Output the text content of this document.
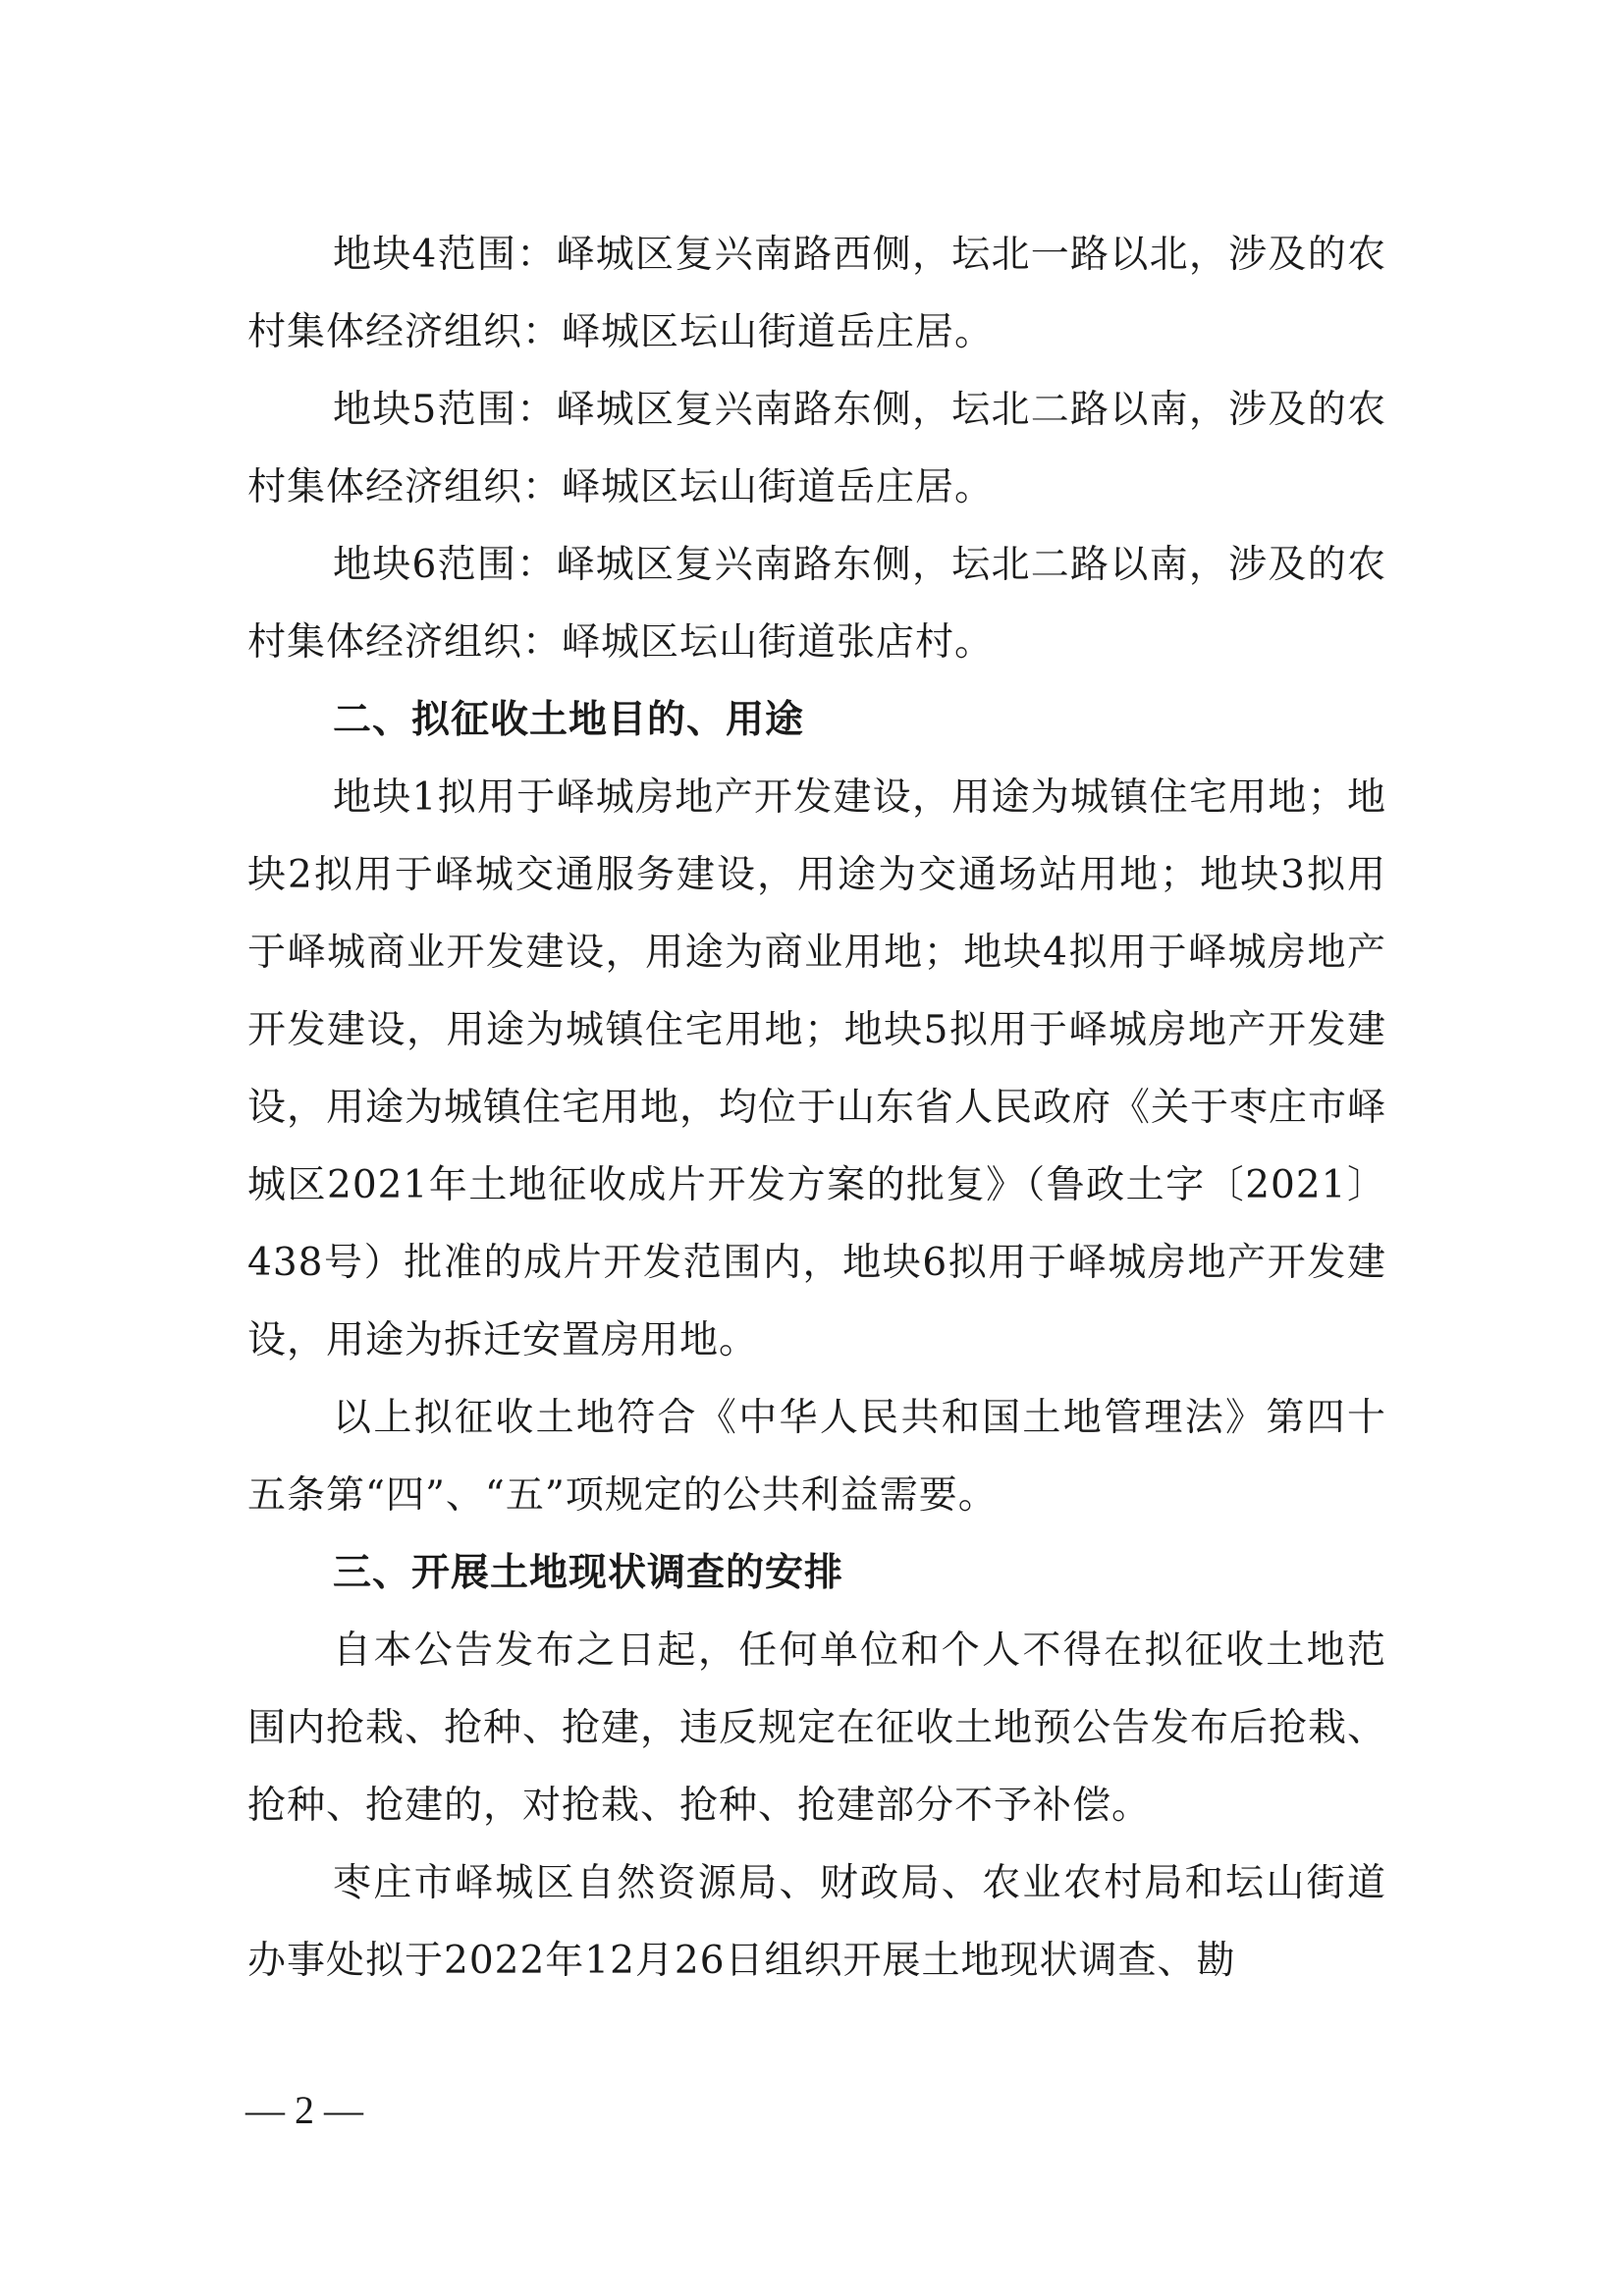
地块4范围：峄城区复兴南路西侧，坛北一路以北，涉及的农村集体经济组织：峄城区坛山街道岳庄居。

地块5范围：峄城区复兴南路东侧，坛北二路以南，涉及的农村集体经济组织：峄城区坛山街道岳庄居。

地块6范围：峄城区复兴南路东侧，坛北二路以南，涉及的农村集体经济组织：峄城区坛山街道张店村。

二、拟征收土地目的、用途

地块1拟用于峄城房地产开发建设，用途为城镇住宅用地；地块2拟用于峄城交通服务建设，用途为交通场站用地；地块3拟用于峄城商业开发建设，用途为商业用地；地块4拟用于峄城房地产开发建设，用途为城镇住宅用地；地块5拟用于峄城房地产开发建设，用途为城镇住宅用地，均位于山东省人民政府《关于枣庄市峄城区2021年土地征收成片开发方案的批复》（鲁政土字〔2021〕438号）批准的成片开发范围内，地块6拟用于峄城房地产开发建设，用途为拆迁安置房用地。

以上拟征收土地符合《中华人民共和国土地管理法》第四十五条第“四”、“五”项规定的公共利益需要。

三、开展土地现状调查的安排

自本公告发布之日起，任何单位和个人不得在拟征收土地范围内抢栽、抢种、抢建，违反规定在征收土地预公告发布后抢栽、抢种、抢建的，对抢栽、抢种、抢建部分不予补偿。

枣庄市峄城区自然资源局、财政局、农业农村局和坛山街道办事处拟于2022年12月26日组织开展土地现状调查、勘

— 2 —
